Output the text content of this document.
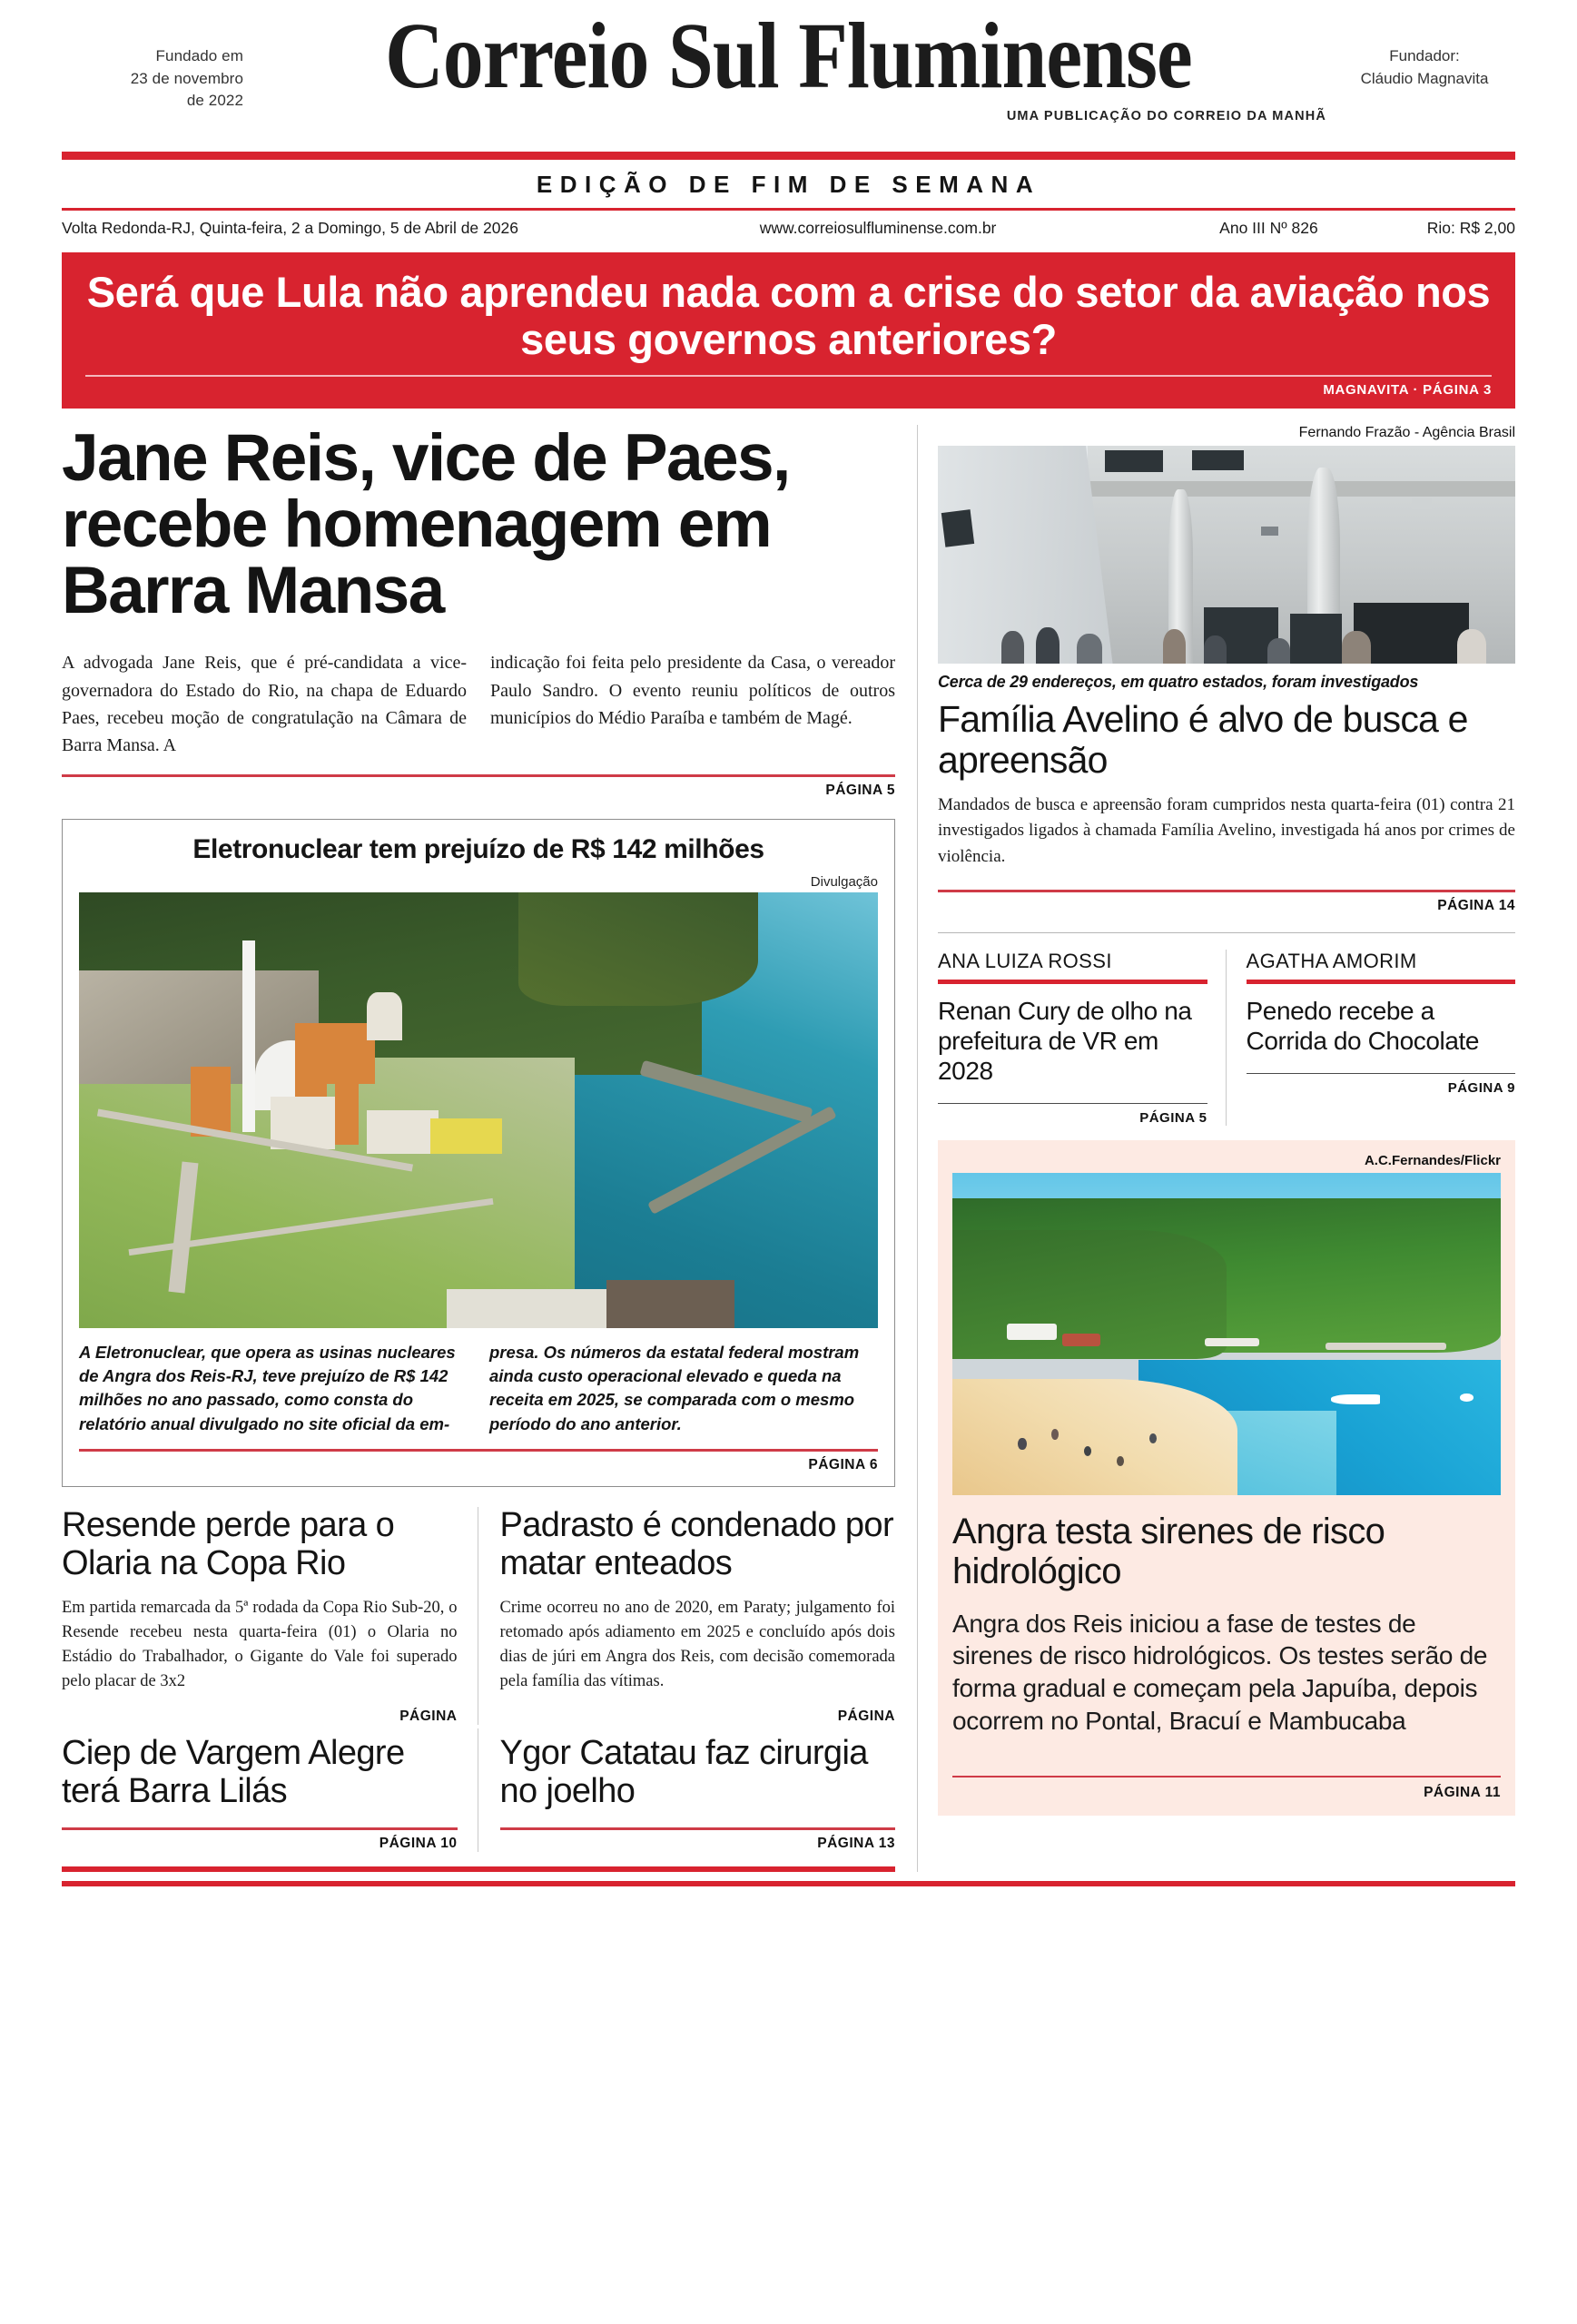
Fundado em
23 de novembro
de 2022	Correio Sul Fluminense
UMA PUBLICAÇÃO DO CORREIO DA MANHÃ
Fundador:
Cláudio Magnavita
EDIÇÃO DE FIM DE SEMANA
Volta Redonda-RJ, Quinta-feira, 2 a Domingo, 5 de Abril de 2026	www.correiosulfluminense.com.br	Ano III Nº 826	Rio: R$ 2,00
Será que Lula não aprendeu nada com a crise do setor da aviação nos seus governos anteriores?
MAGNAVITA · PÁGINA 3
Jane Reis, vice de Paes, recebe homenagem em Barra Mansa

A advogada Jane Reis, que é pré-candidata a vice-governadora do Estado do Rio, na chapa de Eduardo Paes, recebeu moção de congratulação na Câmara de Barra Mansa. A

indicação foi feita pelo presidente da Casa, o vereador Paulo Sandro. O evento reuniu políticos de outros municípios do Médio Paraíba e também de Magé.

PÁGINA 5
Eletronuclear tem prejuízo de R$ 142 milhões
Divulgação

A Eletronuclear, que opera as usinas nucleares de Angra dos Reis-RJ, teve prejuízo de R$ 142 milhões no ano passado, como consta do relatório anual divulgado no site oficial da em-

presa. Os números da estatal federal mostram ainda custo operacional elevado e queda na receita em 2025, se comparada com o mesmo período do ano anterior.

PÁGINA 6
Resende perde para o Olaria na Copa Rio

Em partida remarcada da 5ª rodada da Copa Rio Sub-20, o Resende recebeu nesta quarta-feira (01) o Olaria no Estádio do Trabalhador, o Gigante do Vale foi superado pelo placar de 3x2

PÁGINA
Padrasto é condenado por matar enteados

Crime ocorreu no ano de 2020, em Paraty; julgamento foi retomado após adiamento em 2025 e concluído após dois dias de júri em Angra dos Reis, com decisão comemorada pela família das vítimas.

PÁGINA
Ciep de Vargem Alegre terá Barra Lilás
PÁGINA 10
Ygor Catatau faz cirurgia no joelho
PÁGINA 13
Fernando Frazão - Agência Brasil
Cerca de 29 endereços, em quatro estados, foram investigados
Família Avelino é alvo de busca e apreensão

Mandados de busca e apreensão foram cumpridos nesta quarta-feira (01) contra 21 investigados ligados à chamada Família Avelino, investigada há anos por crimes de violência.

PÁGINA 14
ANA LUIZA ROSSI
Renan Cury de olho na prefeitura de VR em 2028
PÁGINA 5
AGATHA AMORIM
Penedo recebe a Corrida do Chocolate
PÁGINA 9
A.C.Fernandes/Flickr
Angra testa sirenes de risco hidrológico

Angra dos Reis iniciou a fase de testes de sirenes de risco hidrológicos. Os testes serão de forma gradual e começam pela Japuíba, depois ocorrem no Pontal, Bracuí e Mambucaba

PÁGINA 11
